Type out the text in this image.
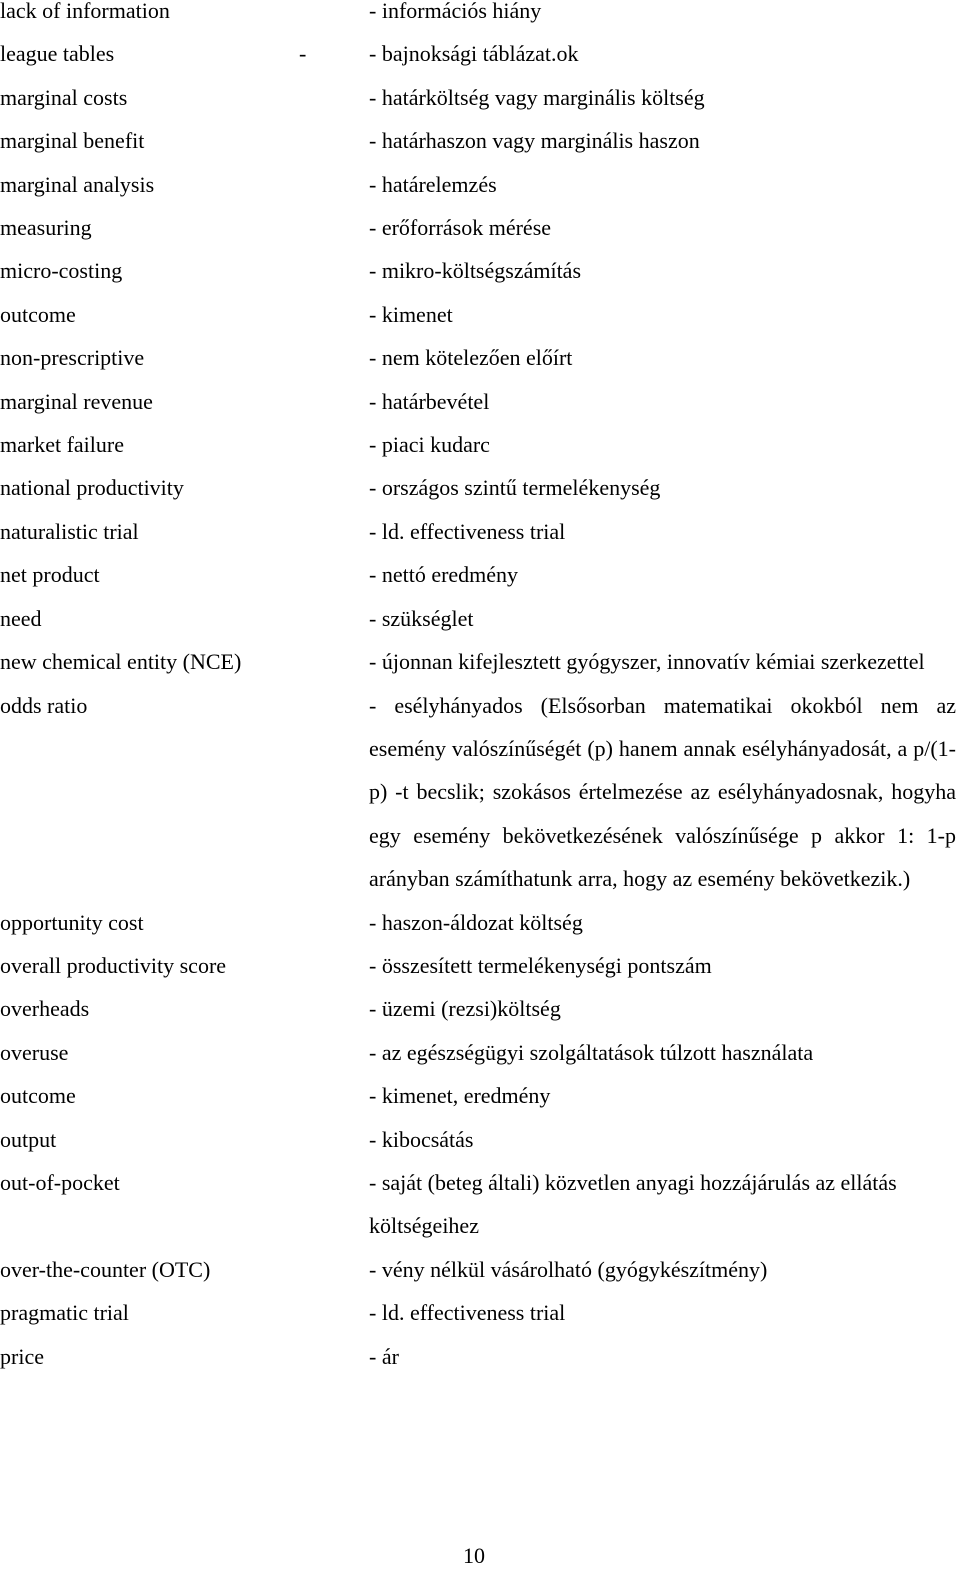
lack of information	- információs hiány
league tables	-	- bajnoksági táblázat.ok
marginal costs	- határköltség vagy marginális költség
marginal benefit	- határhaszon vagy marginális haszon
marginal analysis	- határelemzés
measuring	- erőforrások mérése
micro-costing	- mikro-költségszámítás
outcome	- kimenet
non-prescriptive	- nem kötelezően előírt
marginal revenue	- határbevétel
market failure	- piaci kudarc
national productivity	- országos szintű termelékenység
naturalistic trial	- ld. effectiveness trial
net product	- nettó eredmény
need	- szükséglet
new chemical entity (NCE)	- újonnan kifejlesztett gyógyszer, innovatív kémiai szerkezettel
odds ratio	- esélyhányados (Elsősorban matematikai okokból nem az esemény valószínűségét (p) hanem annak esélyhányadosát, a p/(1-p) -t becslik; szokásos értelmezése az esélyhányadosnak, hogyha egy esemény bekövetkezésének valószínűsége p akkor 1: 1-p arányban számíthatunk arra, hogy az esemény bekövetkezik.)
opportunity cost	- haszon-áldozat költség
overall productivity score	- összesített termelékenységi pontszám
overheads	- üzemi (rezsi)költség
overuse	- az egészségügyi szolgáltatások túlzott használata
outcome	- kimenet, eredmény
output	- kibocsátás
out-of-pocket	- saját (beteg általi) közvetlen anyagi hozzájárulás az ellátás költségeihez
over-the-counter (OTC)	- vény nélkül vásárolható (gyógykészítmény)
pragmatic trial	- ld. effectiveness trial
price	- ár
10
